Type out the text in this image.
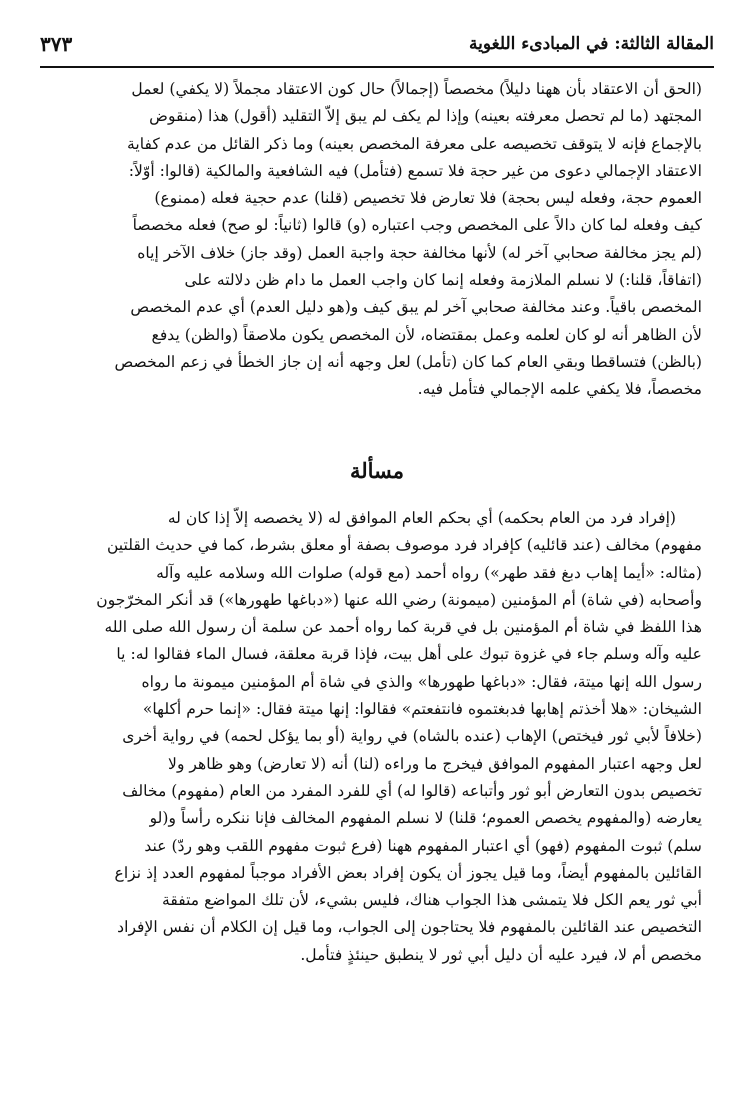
المقالة الثالثة: في المبادىء اللغوية
٣٧٣

(الحق أن الاعتقاد بأن ههنا دليلاً) مخصصاً (إجمالاً) حال كون الاعتقاد مجملاً (لا يكفي) لعمل

المجتهد (ما لم تحصل معرفته بعينه) وإذا لم يكف لم يبق إلاّ التقليد (أقول) هذا (منقوض

بالإجماع فإنه لا يتوقف تخصيصه على معرفة المخصص بعينه) وما ذكر القائل من عدم كفاية

الاعتقاد الإجمالي دعوى من غير حجة فلا تسمع (فتأمل) فيه الشافعية والمالكية (قالوا: أوّلاً:

العموم حجة، وفعله ليس بحجة) فلا تعارض فلا تخصيص (قلنا) عدم حجية فعله (ممنوع)

كيف وفعله لما كان دالاً على المخصص وجب اعتباره (و) قالوا (ثانياً: لو صح) فعله مخصصاً

(لم يجز مخالفة صحابي آخر له) لأنها مخالفة حجة واجبة العمل (وقد جاز) خلاف الآخر إياه

(اتفاقاً، قلنا:) لا نسلم الملازمة وفعله إنما كان واجب العمل ما دام ظن دلالته على

المخصص باقياً. وعند مخالفة صحابي آخر لم يبق كيف و(هو دليل العدم) أي عدم المخصص

لأن الظاهر أنه لو كان لعلمه وعمل بمقتضاه، لأن المخصص يكون ملاصقاً (والظن) يدفع

(بالظن) فتساقطا وبقي العام كما كان (تأمل) لعل وجهه أنه إن جاز الخطأ في زعم المخصص

مخصصاً، فلا يكفي علمه الإجمالي فتأمل فيه.

مسألة

(إفراد فرد من العام بحكمه) أي بحكم العام الموافق له (لا يخصصه إلاّ إذا كان له

مفهوم) مخالف (عند قائليه) كإفراد فرد موصوف بصفة أو معلق بشرط، كما في حديث القلتين

(مثاله: «أيما إهاب دبغ فقد طهر») رواه أحمد (مع قوله) صلوات الله وسلامه عليه وآله

وأصحابه (في شاة) أم المؤمنين (ميمونة) رضي الله عنها («دباغها طهورها») قد أنكر المخرّجون

هذا اللفظ في شاة أم المؤمنين بل في قربة كما رواه أحمد عن سلمة أن رسول الله صلى الله

عليه وآله وسلم جاء في غزوة تبوك على أهل بيت، فإذا قربة معلقة، فسال الماء فقالوا له: يا

رسول الله إنها ميتة، فقال: «دباغها طهورها» والذي في شاة أم المؤمنين ميمونة ما رواه

الشيخان: «هلا أخذتم إهابها فدبغتموه فانتفعتم» فقالوا: إنها ميتة فقال: «إنما حرم أكلها»

(خلافاً لأبي ثور فيختص) الإهاب (عنده بالشاه) في رواية (أو بما يؤكل لحمه) في رواية أخرى

لعل وجهه اعتبار المفهوم الموافق فيخرج ما وراءه (لنا) أنه (لا تعارض) وهو ظاهر ولا

تخصيص بدون التعارض أبو ثور وأتباعه (قالوا له) أي للفرد المفرد من العام (مفهوم) مخالف

يعارضه (والمفهوم يخصص العموم؛ قلنا) لا نسلم المفهوم المخالف فإنا ننكره رأساً و(لو

سلم) ثبوت المفهوم (فهو) أي اعتبار المفهوم ههنا (فرع ثبوت مفهوم اللقب وهو ردّ) عند

القائلين بالمفهوم أيضاً، وما قيل يجوز أن يكون إفراد بعض الأفراد موجباً لمفهوم العدد إذ نزاع

أبي ثور يعم الكل فلا يتمشى هذا الجواب هناك، فليس بشيء، لأن تلك المواضع متفقة

التخصيص عند القائلين بالمفهوم فلا يحتاجون إلى الجواب، وما قيل إن الكلام أن نفس الإفراد

مخصص أم لا، فيرد عليه أن دليل أبي ثور لا ينطبق حينئذٍ فتأمل.
